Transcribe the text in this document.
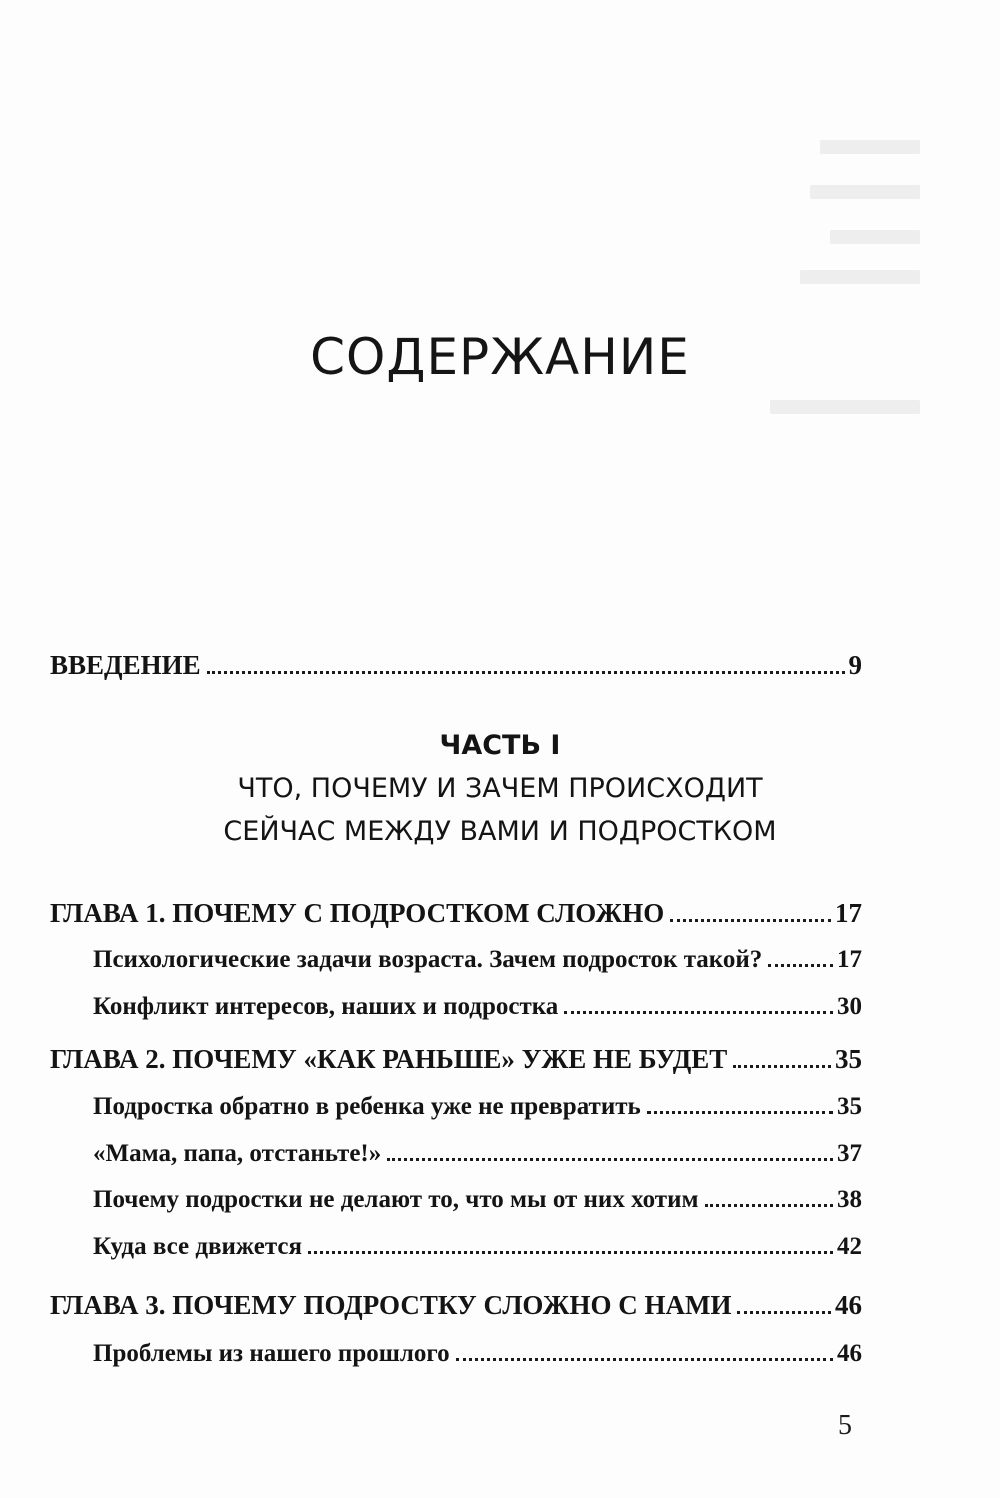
СОДЕРЖАНИЕ
ВВЕДЕНИЕ	9
ЧАСТЬ I
ЧТО, ПОЧЕМУ И ЗАЧЕМ ПРОИСХОДИТ
СЕЙЧАС МЕЖДУ ВАМИ И ПОДРОСТКОМ
ГЛАВА 1. ПОЧЕМУ С ПОДРОСТКОМ СЛОЖНО	17
Психологические задачи возраста. Зачем подросток такой?	17
Конфликт интересов, наших и подростка	30
ГЛАВА 2. ПОЧЕМУ «КАК РАНЬШЕ» УЖЕ НЕ БУДЕТ	35
Подростка обратно в ребенка уже не превратить	35
«Мама, папа, отстаньте!»	37
Почему подростки не делают то, что мы от них хотим	38
Куда все движется	42
ГЛАВА 3. ПОЧЕМУ ПОДРОСТКУ СЛОЖНО С НАМИ	46
Проблемы из нашего прошлого	46
5
